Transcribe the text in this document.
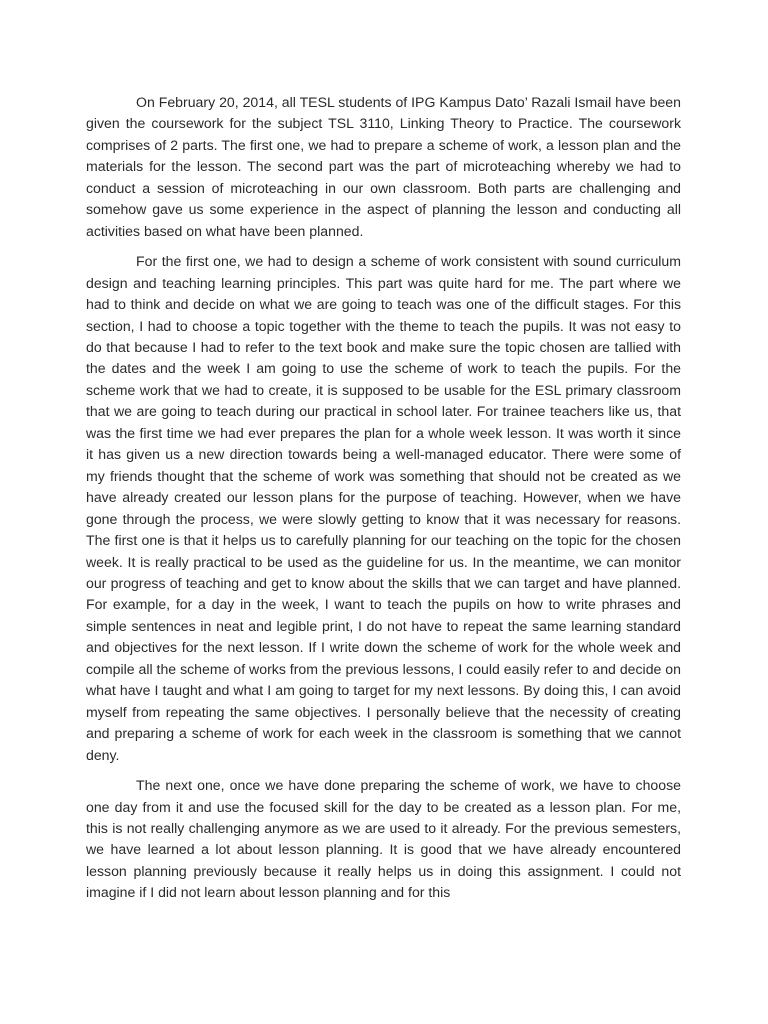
On February 20, 2014, all TESL students of IPG Kampus Dato’ Razali Ismail have been given the coursework for the subject TSL 3110, Linking Theory to Practice. The coursework comprises of 2 parts. The first one, we had to prepare a scheme of work, a lesson plan and the materials for the lesson. The second part was the part of microteaching whereby we had to conduct a session of microteaching in our own classroom. Both parts are challenging and somehow gave us some experience in the aspect of planning the lesson and conducting all activities based on what have been planned.

For the first one, we had to design a scheme of work consistent with sound curriculum design and teaching learning principles. This part was quite hard for me. The part where we had to think and decide on what we are going to teach was one of the difficult stages. For this section, I had to choose a topic together with the theme to teach the pupils. It was not easy to do that because I had to refer to the text book and make sure the topic chosen are tallied with the dates and the week I am going to use the scheme of work to teach the pupils. For the scheme work that we had to create, it is supposed to be usable for the ESL primary classroom that we are going to teach during our practical in school later. For trainee teachers like us, that was the first time we had ever prepares the plan for a whole week lesson. It was worth it since it has given us a new direction towards being a well-managed educator. There were some of my friends thought that the scheme of work was something that should not be created as we have already created our lesson plans for the purpose of teaching. However, when we have gone through the process, we were slowly getting to know that it was necessary for reasons. The first one is that it helps us to carefully planning for our teaching on the topic for the chosen week. It is really practical to be used as the guideline for us. In the meantime, we can monitor our progress of teaching and get to know about the skills that we can target and have planned. For example, for a day in the week, I want to teach the pupils on how to write phrases and simple sentences in neat and legible print, I do not have to repeat the same learning standard and objectives for the next lesson. If I write down the scheme of work for the whole week and compile all the scheme of works from the previous lessons, I could easily refer to and decide on what have I taught and what I am going to target for my next lessons. By doing this, I can avoid myself from repeating the same objectives. I personally believe that the necessity of creating and preparing a scheme of work for each week in the classroom is something that we cannot deny.

The next one, once we have done preparing the scheme of work, we have to choose one day from it and use the focused skill for the day to be created as a lesson plan. For me, this is not really challenging anymore as we are used to it already. For the previous semesters, we have learned a lot about lesson planning. It is good that we have already encountered lesson planning previously because it really helps us in doing this assignment. I could not imagine if I did not learn about lesson planning and for this
